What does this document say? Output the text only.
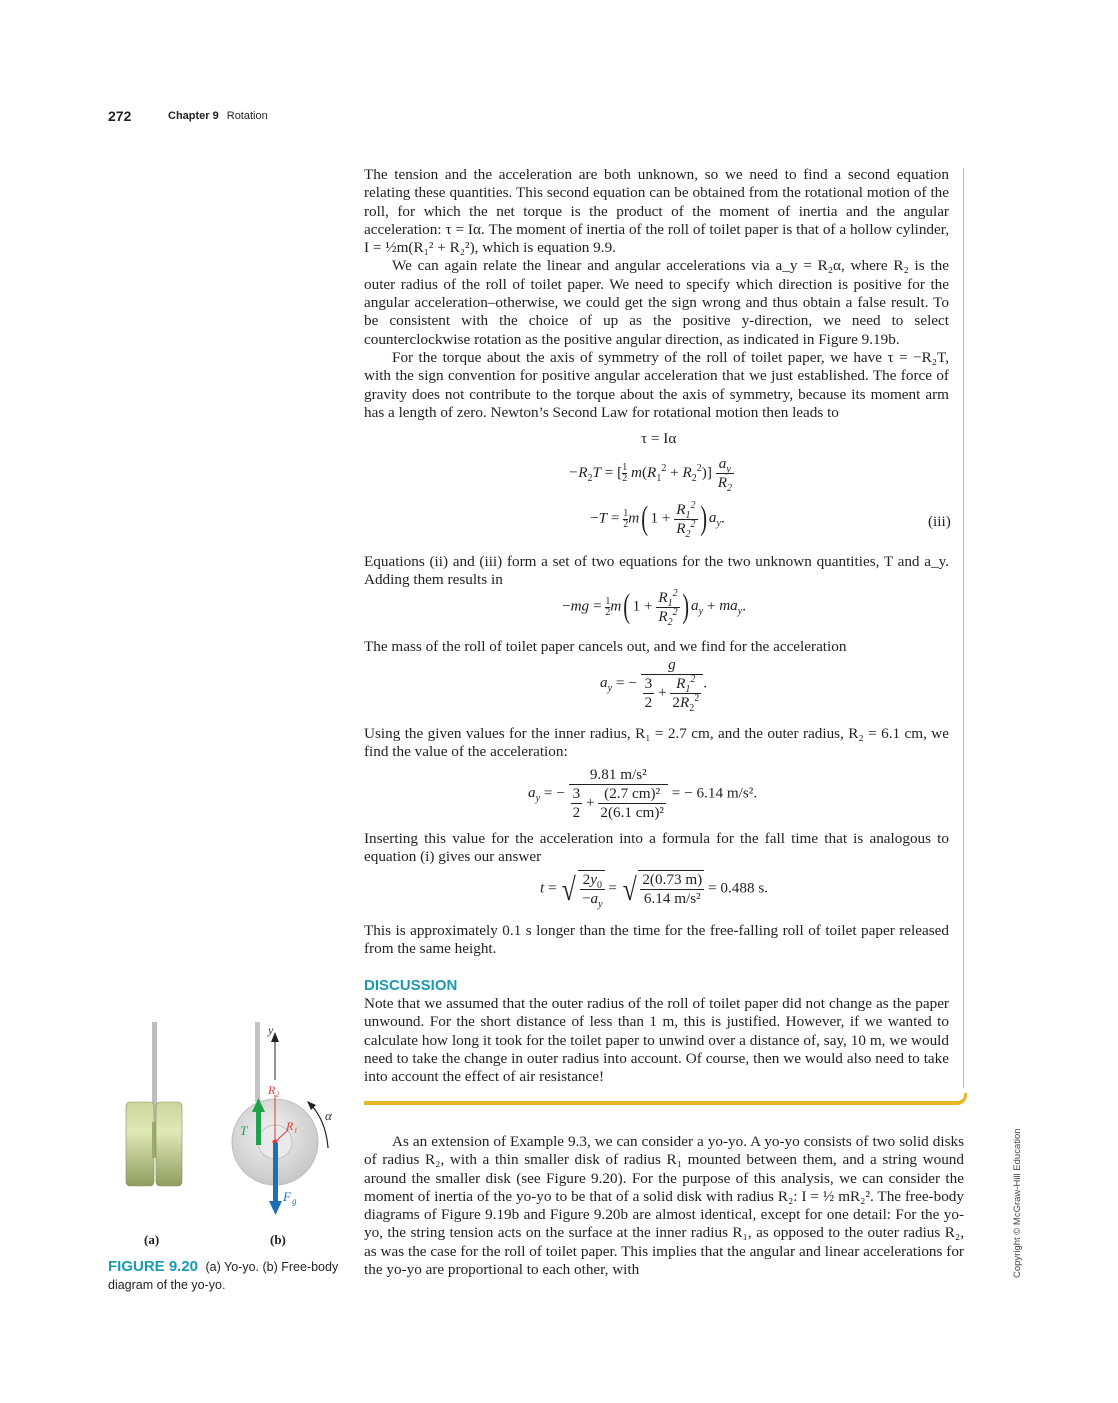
272	Chapter 9 Rotation

The tension and the acceleration are both unknown, so we need to find a second equation relating these quantities. This second equation can be obtained from the rotational motion of the roll, for which the net torque is the product of the moment of inertia and the angular acceleration: τ = Iα. The moment of inertia of the roll of toilet paper is that of a hollow cylinder, I = ½m(R₁² + R₂²), which is equation 9.9.

We can again relate the linear and angular accelerations via a_y = R₂α, where R₂ is the outer radius of the roll of toilet paper. We need to specify which direction is positive for the angular acceleration–otherwise, we could get the sign wrong and thus obtain a false result. To be consistent with the choice of up as the positive y-direction, we need to select counterclockwise rotation as the positive angular direction, as indicated in Figure 9.19b.

For the torque about the axis of symmetry of the roll of toilet paper, we have τ = −R₂T, with the sign convention for positive angular acceleration that we just established. The force of gravity does not contribute to the torque about the axis of symmetry, because its moment arm has a length of zero. Newton’s Second Law for rotational motion then leads to

τ = Iα
$-R_2T$ = [ $\frac{1}{2} m(R_1^2 + R_2^2)] \frac{a_y}{R_2}$
$-T = \frac{1}{2}m$( $1 + \frac{R_1^2}{R_2^2}$ ) $a_y$.	(iii)

Equations (ii) and (iii) form a set of two equations for the two unknown quantities, T and a_y. Adding them results in

$-mg = \frac{1}{2}m$( $1 + \frac{R_1^2}{R_2^2}$ ) $a_y + ma_y$.

The mass of the roll of toilet paper cancels out, and we find for the acceleration

$a_y$ = − $\frac{g}{\frac{3}{2} + \frac{R_1^2}{2R_2^2}}$ .

Using the given values for the inner radius, R₁ = 2.7 cm, and the outer radius, R₂ = 6.1 cm, we find the value of the acceleration:

$a_y$ = − $\frac{\text{9.81 m/s²}}{\frac{3}{2} + \frac{\text{(2.7 cm)²}}{\text{2(6.1 cm)²}}}$ = − 6.14 m/s².

Inserting this value for the acceleration into a formula for the fall time that is analogous to equation (i) gives our answer

t = √ $\frac{2y_0}{-a_y}$ = √ $\frac{2(0.73 m)}{\text{6.14 m/s²}} = 0.488$ s.

This is approximately 0.1 s longer than the time for the free-falling roll of toilet paper released from the same height.

DISCUSSION

Note that we assumed that the outer radius of the roll of toilet paper did not change as the paper unwound. For the short distance of less than 1 m, this is justified. However, if we wanted to calculate how long it took for the toilet paper to unwind over a distance of, say, 10 m, we would need to take the change in outer radius into account. Of course, then we would also need to take into account the effect of air resistance!

As an extension of Example 9.3, we can consider a yo-yo. A yo-yo consists of two solid disks of radius R₂, with a thin smaller disk of radius R₁ mounted between them, and a string wound around the smaller disk (see Figure 9.20). For the purpose of this analysis, we can consider the moment of inertia of the yo-yo to be that of a solid disk with radius R₂: I = ½ mR₂². The free-body diagrams of Figure 9.19b and Figure 9.20b are almost identical, except for one detail: For the yo-yo, the string tension acts on the surface at the inner radius R₁, as opposed to the outer radius R₂, as was the case for the roll of toilet paper. This implies that the angular and linear accelerations for the yo-yo are proportional to each other, with

y
R₂
R₁
α
T
F g
(a)	(b)
FIGURE 9.20 (a) Yo-yo. (b) Free-body diagram of the yo-yo.
Copyright © McGraw-Hill Education
